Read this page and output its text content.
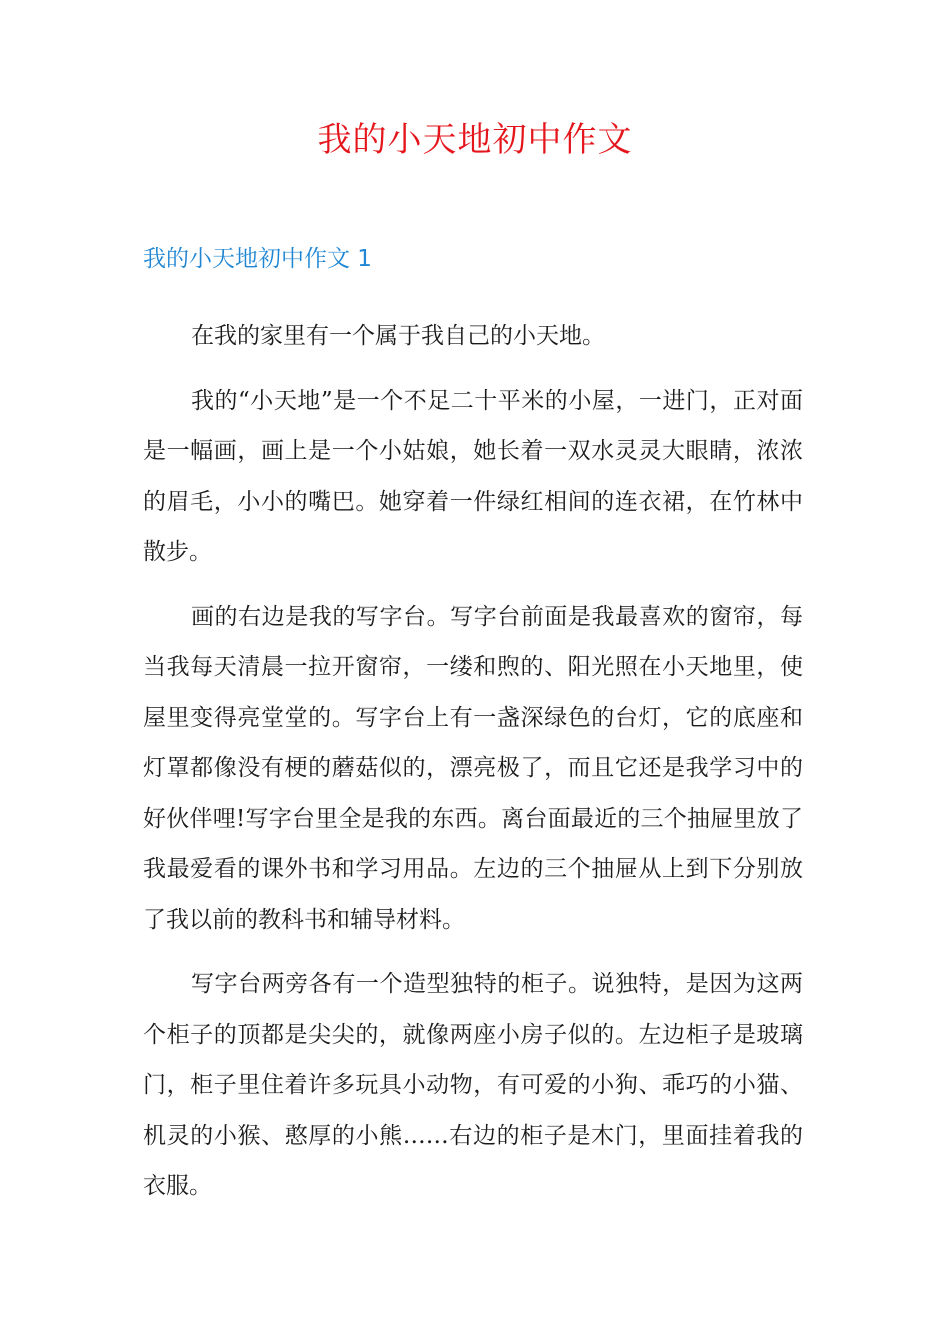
我的小天地初中作文
我的小天地初中作文 1

在我的家里有一个属于我自己的小天地。

我的“小天地”是一个不足二十平米的小屋，一进门，正对面是一幅画，画上是一个小姑娘，她长着一双水灵灵大眼睛，浓浓的眉毛，小小的嘴巴。她穿着一件绿红相间的连衣裙，在竹林中散步。

画的右边是我的写字台。写字台前面是我最喜欢的窗帘，每当我每天清晨一拉开窗帘，一缕和煦的、阳光照在小天地里，使屋里变得亮堂堂的。写字台上有一盏深绿色的台灯，它的底座和灯罩都像没有梗的蘑菇似的，漂亮极了，而且它还是我学习中的好伙伴哩!写字台里全是我的东西。离台面最近的三个抽屉里放了我最爱看的课外书和学习用品。左边的三个抽屉从上到下分别放了我以前的教科书和辅导材料。

写字台两旁各有一个造型独特的柜子。说独特，是因为这两个柜子的顶都是尖尖的，就像两座小房子似的。左边柜子是玻璃门，柜子里住着许多玩具小动物，有可爱的小狗、乖巧的小猫、机灵的小猴、憨厚的小熊……右边的柜子是木门，里面挂着我的衣服。
